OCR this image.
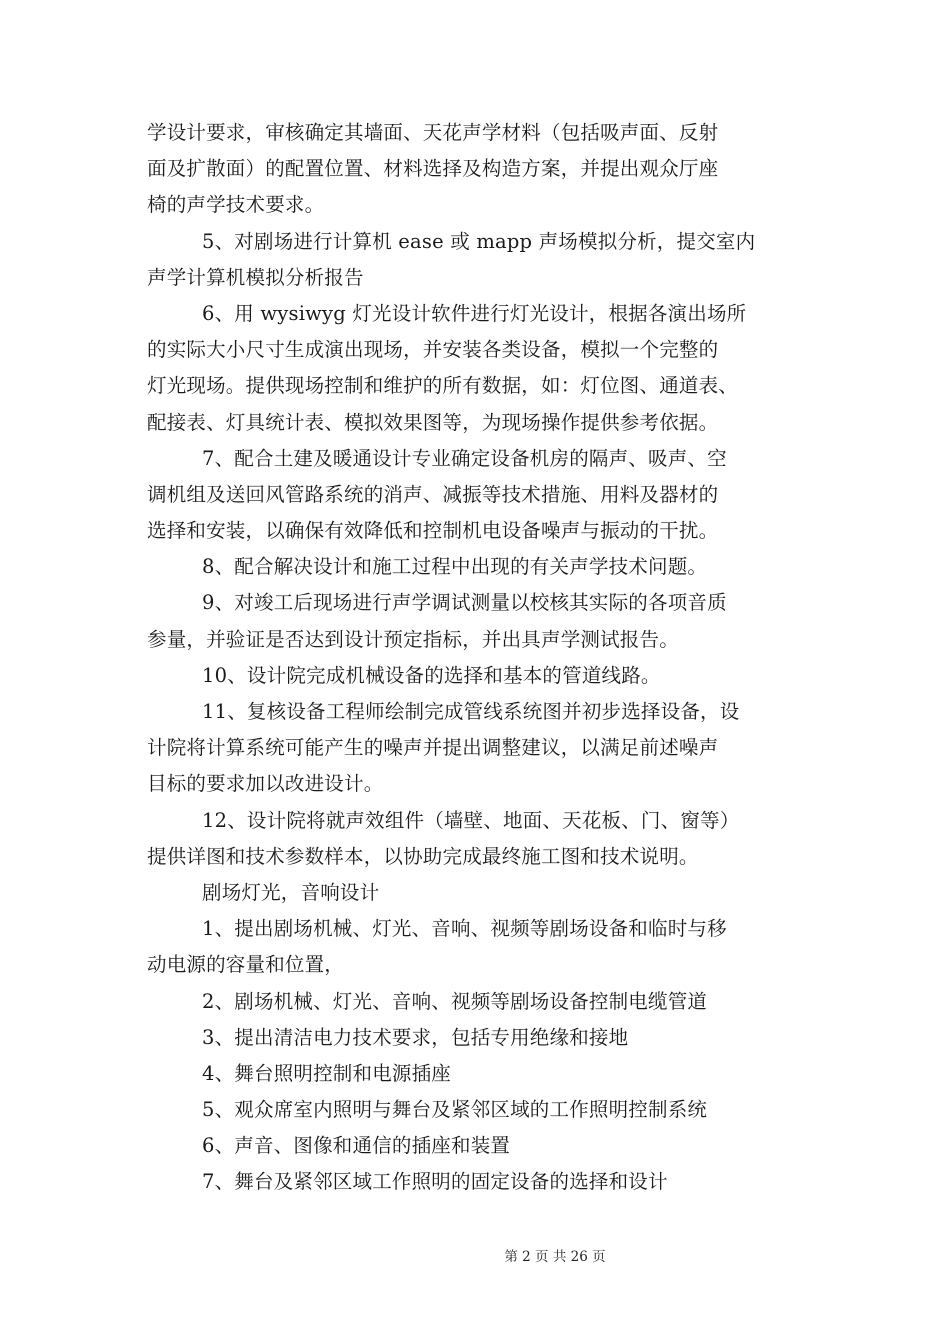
学设计要求，审核确定其墙面、天花声学材料（包括吸声面、反射
面及扩散面）的配置位置、材料选择及构造方案，并提出观众厅座
椅的声学技术要求。
5、对剧场进行计算机 ease 或 mapp 声场模拟分析，提交室内
声学计算机模拟分析报告
6、用 wysiwyg 灯光设计软件进行灯光设计，根据各演出场所
的实际大小尺寸生成演出现场，并安装各类设备，模拟一个完整的
灯光现场。提供现场控制和维护的所有数据，如：灯位图、通道表、
配接表、灯具统计表、模拟效果图等，为现场操作提供参考依据。
7、配合土建及暖通设计专业确定设备机房的隔声、吸声、空
调机组及送回风管路系统的消声、减振等技术措施、用料及器材的
选择和安装，以确保有效降低和控制机电设备噪声与振动的干扰。
8、配合解决设计和施工过程中出现的有关声学技术问题。
9、对竣工后现场进行声学调试测量以校核其实际的各项音质
参量，并验证是否达到设计预定指标，并出具声学测试报告。
10、设计院完成机械设备的选择和基本的管道线路。
11、复核设备工程师绘制完成管线系统图并初步选择设备，设
计院将计算系统可能产生的噪声并提出调整建议，以满足前述噪声
目标的要求加以改进设计。
12、设计院将就声效组件（墙壁、地面、天花板、门、窗等）
提供详图和技术参数样本，以协助完成最终施工图和技术说明。
剧场灯光，音响设计
1、提出剧场机械、灯光、音响、视频等剧场设备和临时与移
动电源的容量和位置，
2、剧场机械、灯光、音响、视频等剧场设备控制电缆管道
3、提出清洁电力技术要求，包括专用绝缘和接地
4、舞台照明控制和电源插座
5、观众席室内照明与舞台及紧邻区域的工作照明控制系统
6、声音、图像和通信的插座和装置
7、舞台及紧邻区域工作照明的固定设备的选择和设计
第 2 页 共 26 页
